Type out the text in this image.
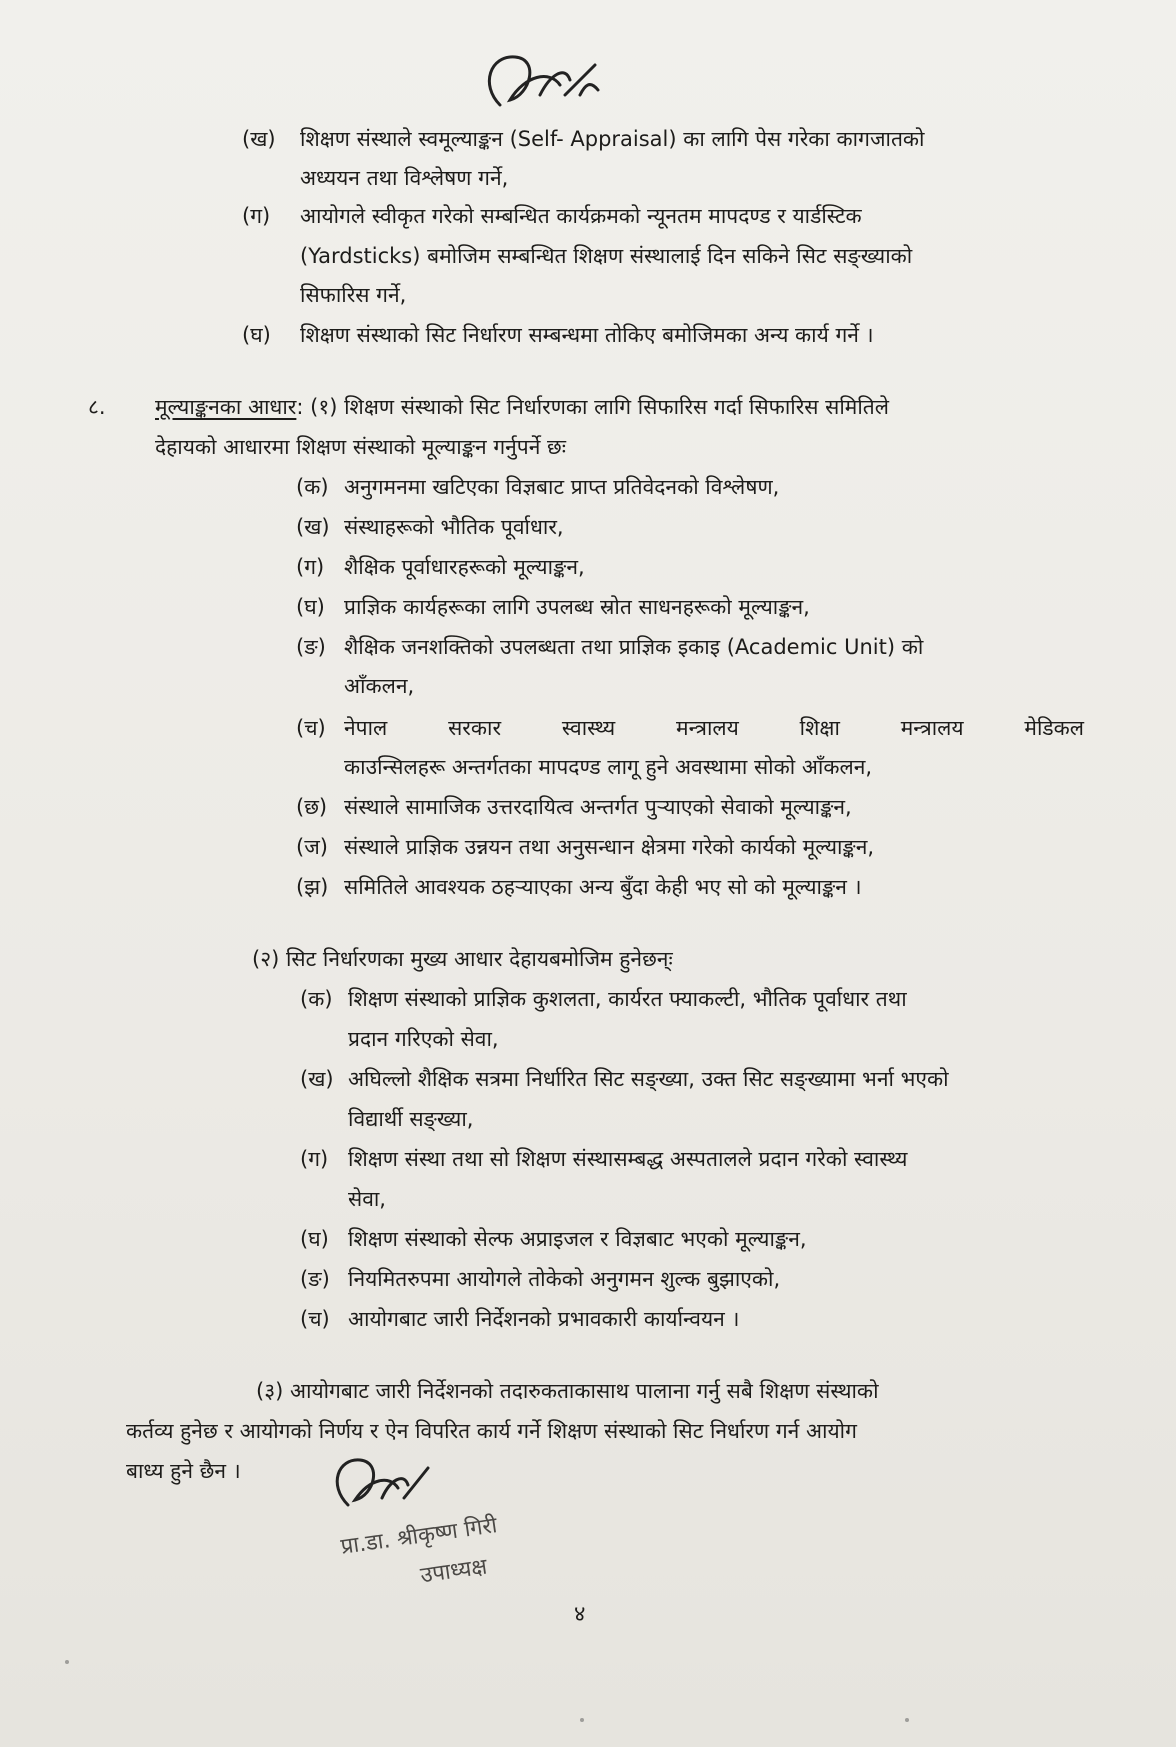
(ख) शिक्षण संस्थाले स्वमूल्याङ्कन (Self- Appraisal) का लागि पेस गरेका कागजातको
अध्ययन तथा विश्लेषण गर्ने,
(ग) आयोगले स्वीकृत गरेको सम्बन्धित कार्यक्रमको न्यूनतम मापदण्ड र यार्डस्टिक
(Yardsticks) बमोजिम सम्बन्धित शिक्षण संस्थालाई दिन सकिने सिट सङ्ख्याको
सिफारिस गर्ने,
(घ) शिक्षण संस्थाको सिट निर्धारण सम्बन्धमा तोकिए बमोजिमका अन्य कार्य गर्ने ।
८. मूल्याङ्कनका आधार: (१) शिक्षण संस्थाको सिट निर्धारणका लागि सिफारिस गर्दा सिफारिस समितिले
देहायको आधारमा शिक्षण संस्थाको मूल्याङ्कन गर्नुपर्ने छः
(क) अनुगमनमा खटिएका विज्ञबाट प्राप्त प्रतिवेदनको विश्लेषण,
(ख) संस्थाहरूको भौतिक पूर्वाधार,
(ग) शैक्षिक पूर्वाधारहरूको मूल्याङ्कन,
(घ) प्राज्ञिक कार्यहरूका लागि उपलब्ध स्रोत साधनहरूको मूल्याङ्कन,
(ङ) शैक्षिक जनशक्तिको उपलब्धता तथा प्राज्ञिक इकाइ (Academic Unit) को
आँकलन,
(च) नेपाल सरकार स्वास्थ्य मन्त्रालय शिक्षा मन्त्रालय मेडिकल
काउन्सिलहरू अन्तर्गतका मापदण्ड लागू हुने अवस्थामा सोको आँकलन,
(छ) संस्थाले सामाजिक उत्तरदायित्व अन्तर्गत पुऱ्याएको सेवाको मूल्याङ्कन,
(ज) संस्थाले प्राज्ञिक उन्नयन तथा अनुसन्धान क्षेत्रमा गरेको कार्यको मूल्याङ्कन,
(झ) समितिले आवश्यक ठहऱ्याएका अन्य बुँदा केही भए सो को मूल्याङ्कन ।
(२) सिट निर्धारणका मुख्य आधार देहायबमोजिम हुनेछन्ः
(क) शिक्षण संस्थाको प्राज्ञिक कुशलता, कार्यरत फ्याकल्टी, भौतिक पूर्वाधार तथा
प्रदान गरिएको सेवा,
(ख) अघिल्लो शैक्षिक सत्रमा निर्धारित सिट सङ्ख्या, उक्त सिट सङ्ख्यामा भर्ना भएको
विद्यार्थी सङ्ख्या,
(ग) शिक्षण संस्था तथा सो शिक्षण संस्थासम्बद्ध अस्पतालले प्रदान गरेको स्वास्थ्य
सेवा,
(घ) शिक्षण संस्थाको सेल्फ अप्राइजल र विज्ञबाट भएको मूल्याङ्कन,
(ङ) नियमितरुपमा आयोगले तोकेको अनुगमन शुल्क बुझाएको,
(च) आयोगबाट जारी निर्देशनको प्रभावकारी कार्यान्वयन ।
(३) आयोगबाट जारी निर्देशनको तदारुकताकासाथ पालाना गर्नु सबै शिक्षण संस्थाको
कर्तव्य हुनेछ र आयोगको निर्णय र ऐन विपरित कार्य गर्ने शिक्षण संस्थाको सिट निर्धारण गर्न आयोग
बाध्य हुने छैन ।
प्रा.डा. श्रीकृष्ण गिरी
उपाध्यक्ष
४
